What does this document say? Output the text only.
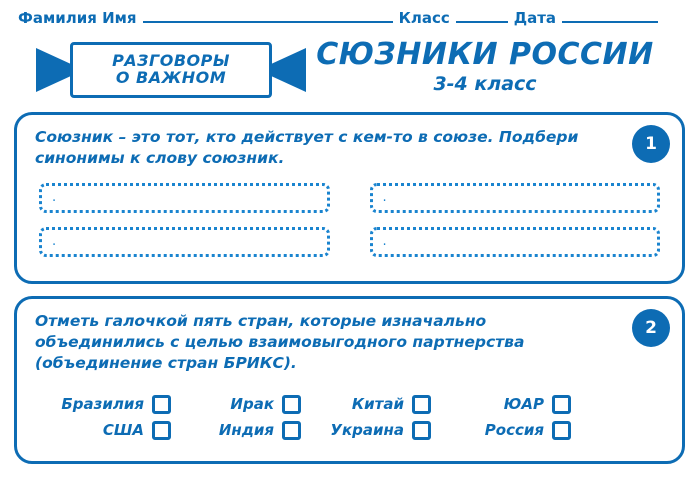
Фамилия Имя	Класс	Дата
РАЗГОВОРЫ
О ВАЖНОМ
СЮЗНИКИ РОССИИ
3-4 класс
1
Союзник – это тот, кто действует с кем-то в союзе. Подбери синонимы к слову союзник.
.	.
.	.
2
Отметь галочкой пять стран, которые изначально объединились с целью взаимовыгодного партнерства (объединение стран БРИКС).
Бразилия	Ирак	Китай	ЮАР
США	Индия	Украина	Россия
